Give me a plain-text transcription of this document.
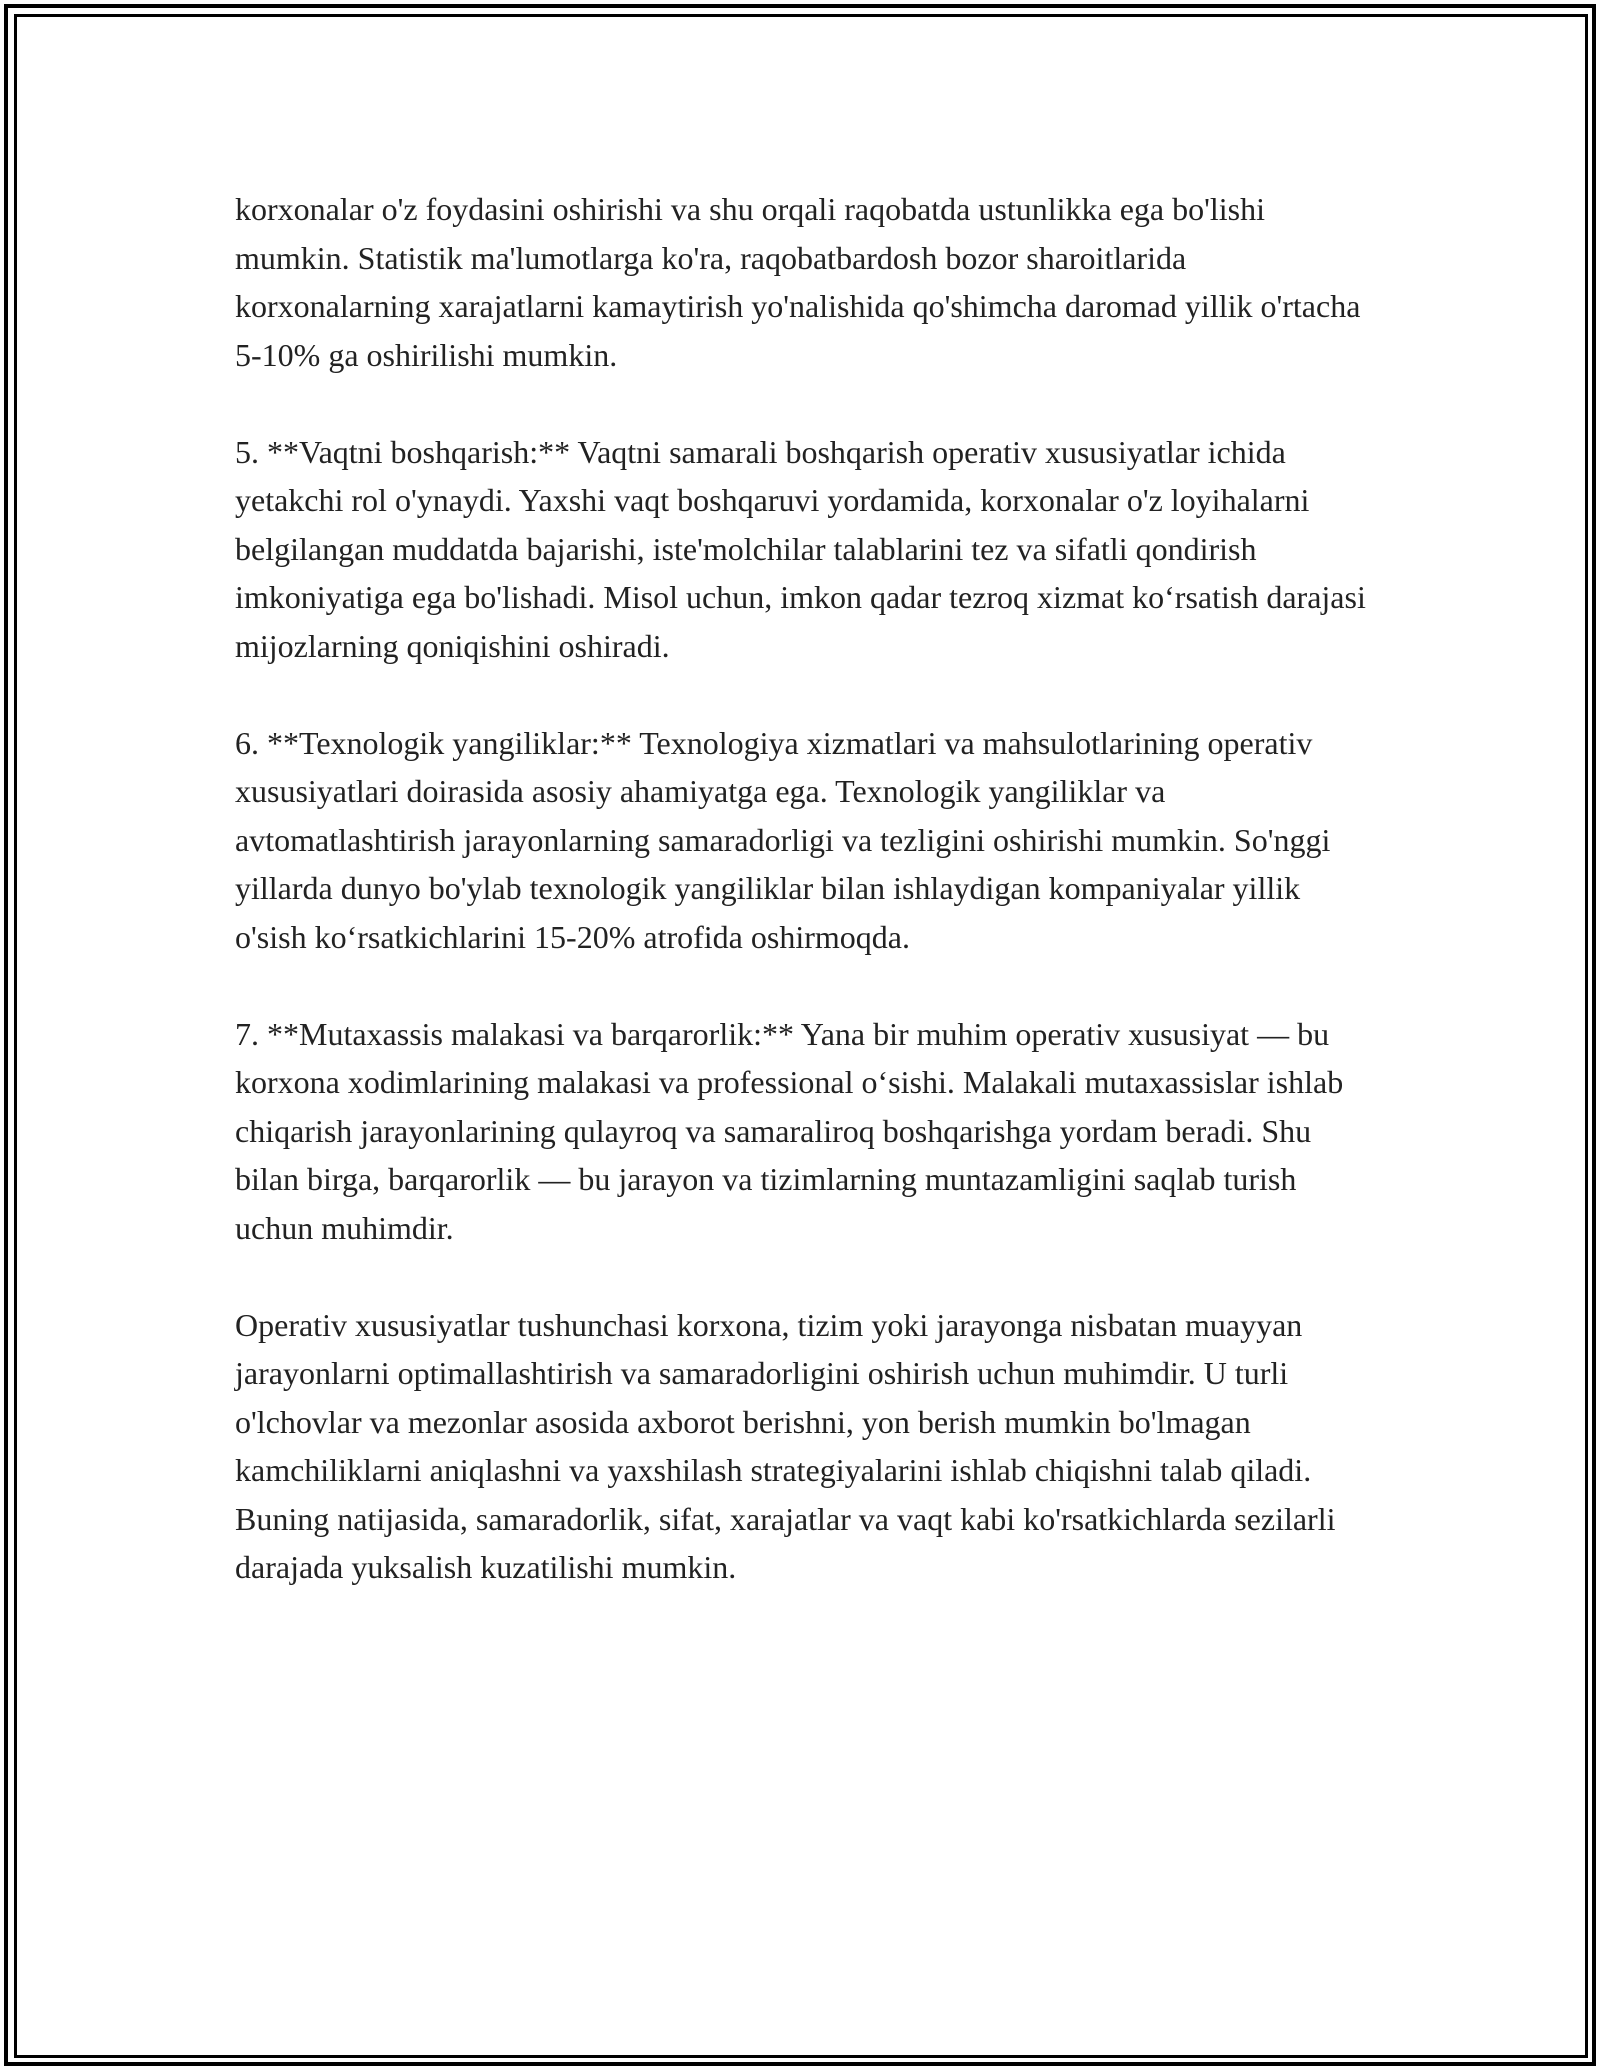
korxonalar o'z foydasini oshirishi va shu orqali raqobatda ustunlikka ega bo'lishi mumkin. Statistik ma'lumotlarga ko'ra, raqobatbardosh bozor sharoitlarida korxonalarning xarajatlarni kamaytirish yo'nalishida qo'shimcha daromad yillik o'rtacha 5-10% ga oshirilishi mumkin.

5. **Vaqtni boshqarish:** Vaqtni samarali boshqarish operativ xususiyatlar ichida yetakchi rol o'ynaydi. Yaxshi vaqt boshqaruvi yordamida, korxonalar o'z loyihalarni belgilangan muddatda bajarishi, iste'molchilar talablarini tez va sifatli qondirish imkoniyatiga ega bo'lishadi. Misol uchun, imkon qadar tezroq xizmat koʻrsatish darajasi mijozlarning qoniqishini oshiradi.

6. **Texnologik yangiliklar:** Texnologiya xizmatlari va mahsulotlarining operativ xususiyatlari doirasida asosiy ahamiyatga ega. Texnologik yangiliklar va avtomatlashtirish jarayonlarning samaradorligi va tezligini oshirishi mumkin. So'nggi yillarda dunyo bo'ylab texnologik yangiliklar bilan ishlaydigan kompaniyalar yillik o'sish koʻrsatkichlarini 15-20% atrofida oshirmoqda.

7. **Mutaxassis malakasi va barqarorlik:** Yana bir muhim operativ xususiyat — bu korxona xodimlarining malakasi va professional oʻsishi. Malakali mutaxassislar ishlab chiqarish jarayonlarining qulayroq va samaraliroq boshqarishga yordam beradi. Shu bilan birga, barqarorlik — bu jarayon va tizimlarning muntazamligini saqlab turish uchun muhimdir.

Operativ xususiyatlar tushunchasi korxona, tizim yoki jarayonga nisbatan muayyan jarayonlarni optimallashtirish va samaradorligini oshirish uchun muhimdir. U turli o'lchovlar va mezonlar asosida axborot berishni, yon berish mumkin bo'lmagan kamchiliklarni aniqlashni va yaxshilash strategiyalarini ishlab chiqishni talab qiladi. Buning natijasida, samaradorlik, sifat, xarajatlar va vaqt kabi ko'rsatkichlarda sezilarli darajada yuksalish kuzatilishi mumkin.
